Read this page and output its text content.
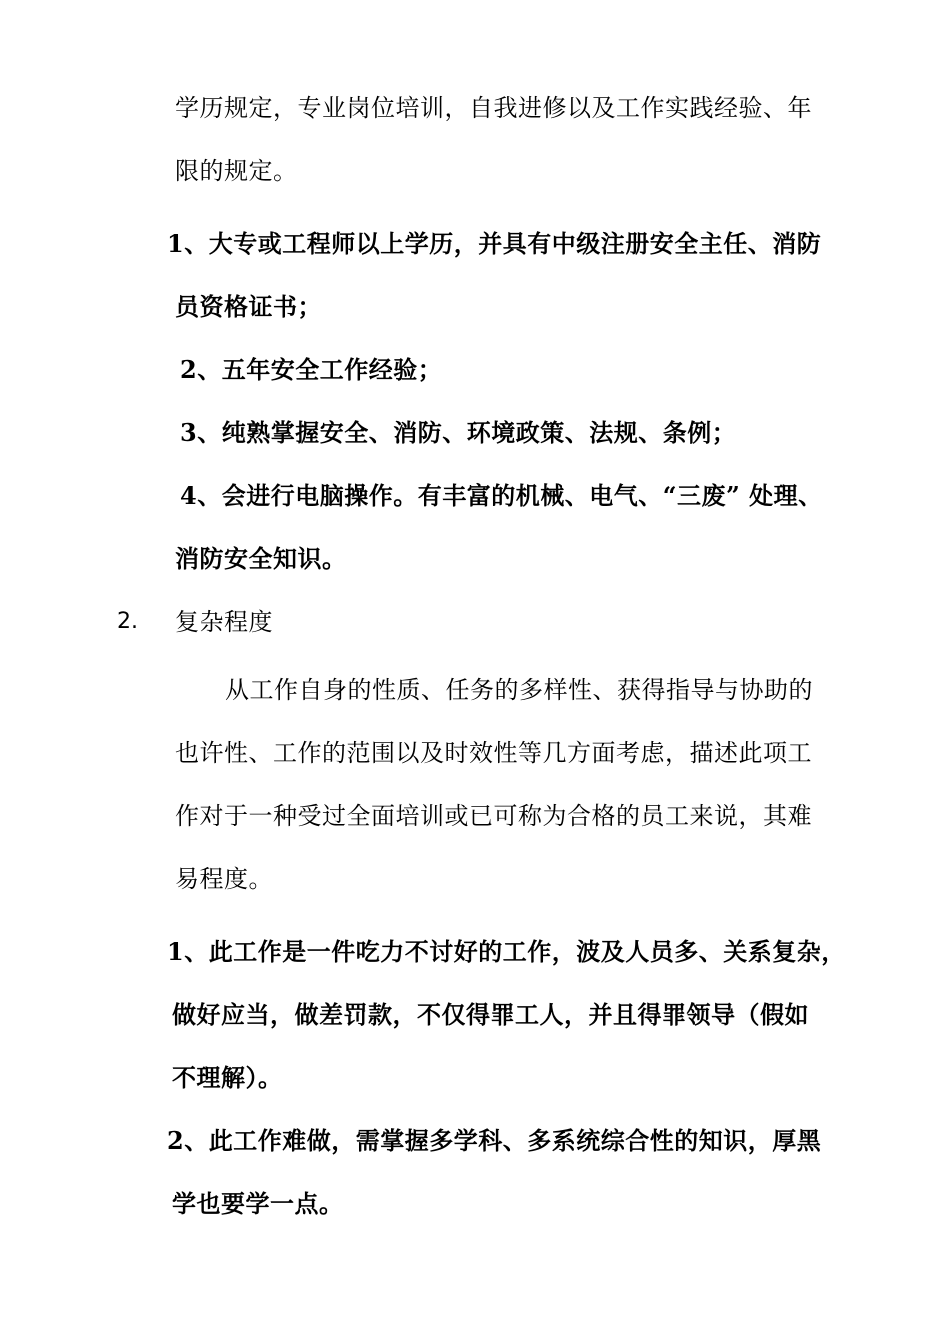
学历规定，专业岗位培训，自我进修以及工作实践经验、年
限的规定。
1、大专或工程师以上学历，并具有中级注册安全主任、消防
员资格证书；
2、五年安全工作经验；
3、纯熟掌握安全、消防、环境政策、法规、条例；
4、会进行电脑操作。有丰富的机械、电气、“三废” 处理、
消防安全知识。
2. 复杂程度
从工作自身的性质、任务的多样性、获得指导与协助的
也许性、工作的范围以及时效性等几方面考虑，描述此项工
作对于一种受过全面培训或已可称为合格的员工来说，其难
易程度。
1、此工作是一件吃力不讨好的工作，波及人员多、关系复杂，
做好应当，做差罚款，不仅得罪工人，并且得罪领导（假如
不理解）。
2、此工作难做，需掌握多学科、多系统综合性的知识，厚黑
学也要学一点。
